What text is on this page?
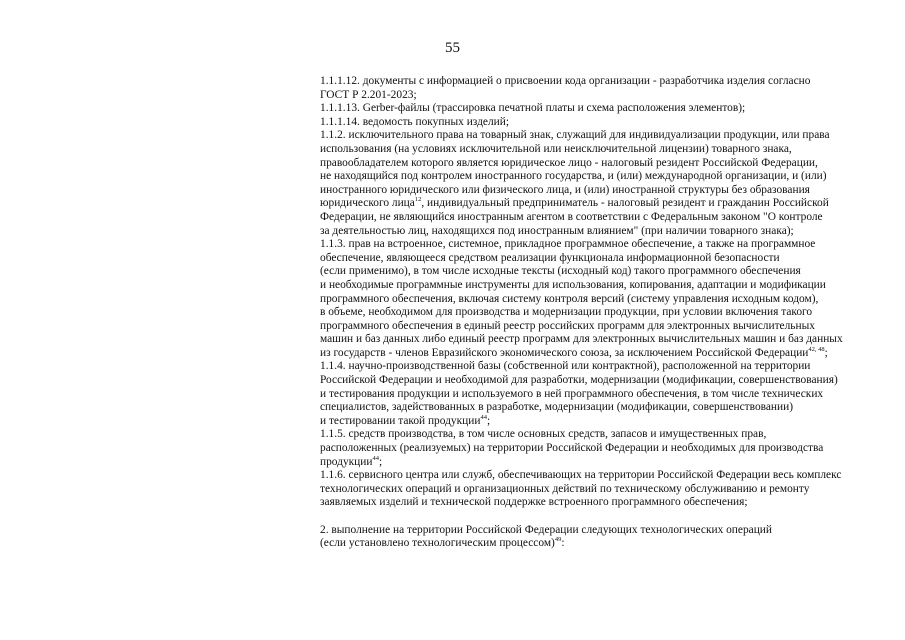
55
1.1.1.12. документы с информацией о присвоении кода организации - разработчика изделия согласно
ГОСТ Р 2.201-2023;
1.1.1.13. Gerber-файлы (трассировка печатной платы и схема расположения элементов);
1.1.1.14. ведомость покупных изделий;
1.1.2. исключительного права на товарный знак, служащий для индивидуализации продукции, или права
использования (на условиях исключительной или неисключительной лицензии) товарного знака,
правообладателем которого является юридическое лицо - налоговый резидент Российской Федерации,
не находящийся под контролем иностранного государства, и (или) международной организации, и (или)
иностранного юридического или физического лица, и (или) иностранной структуры без образования
юридического лица$^{12}$, индивидуальный предприниматель - налоговый резидент и гражданин Российской
Федерации, не являющийся иностранным агентом в соответствии с Федеральным законом "О контроле
за деятельностью лиц, находящихся под иностранным влиянием" (при наличии товарного знака);
1.1.3. прав на встроенное, системное, прикладное программное обеспечение, а также на программное
обеспечение, являющееся средством реализации функционала информационной безопасности
(если применимо), в том числе исходные тексты (исходный код) такого программного обеспечения
и необходимые программные инструменты для использования, копирования, адаптации и модификации
программного обеспечения, включая систему контроля версий (систему управления исходным кодом),
в объеме, необходимом для производства и модернизации продукции, при условии включения такого
программного обеспечения в единый реестр российских программ для электронных вычислительных
машин и баз данных либо единый реестр программ для электронных вычислительных машин и баз данных
из государств - членов Евразийского экономического союза, за исключением Российской Федерации$^{42, 48}$;
1.1.4. научно-производственной базы (собственной или контрактной), расположенной на территории
Российской Федерации и необходимой для разработки, модернизации (модификации, совершенствования)
и тестирования продукции и используемого в ней программного обеспечения, в том числе технических
специалистов, задействованных в разработке, модернизации (модификации, совершенствовании)
и тестировании такой продукции$^{44}$;
1.1.5. средств производства, в том числе основных средств, запасов и имущественных прав,
расположенных (реализуемых) на территории Российской Федерации и необходимых для производства
продукции$^{44}$;
1.1.6. сервисного центра или служб, обеспечивающих на территории Российской Федерации весь комплекс
технологических операций и организационных действий по техническому обслуживанию и ремонту
заявляемых изделий и технической поддержке встроенного программного обеспечения;
2. выполнение на территории Российской Федерации следующих технологических операций
(если установлено технологическим процессом)$^{49}$:
